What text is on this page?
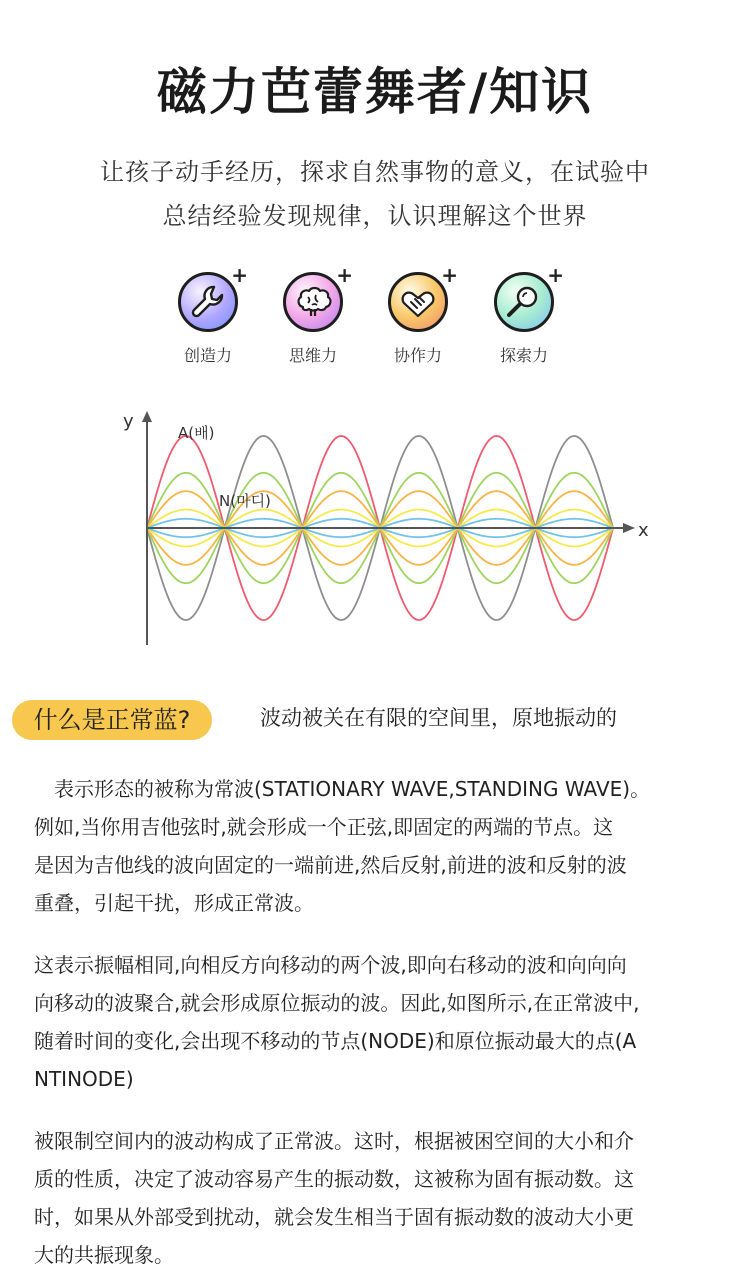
磁力芭蕾舞者/知识
让孩子动手经历，探求自然事物的意义，在试验中
总结经验发现规律，认识理解这个世界
+
创造力
+
思维力
+
协作力
+
探索力
y
x
A(배)
N(마디)
什么是正常蓝?	波动被关在有限的空间里，原地振动的
　表示形态的被称为常波(STATIONARY WAVE,STANDING WAVE)。
例如,当你用吉他弦时,就会形成一个正弦,即固定的两端的节点。这
是因为吉他线的波向固定的一端前进,然后反射,前进的波和反射的波
重叠，引起干扰，形成正常波。
这表示振幅相同,向相反方向移动的两个波,即向右移动的波和向向向
向移动的波聚合,就会形成原位振动的波。因此,如图所示,在正常波中,
随着时间的变化,会出现不移动的节点(NODE)和原位振动最大的点(A
NTINODE)
被限制空间内的波动构成了正常波。这时，根据被困空间的大小和介
质的性质，决定了波动容易产生的振动数，这被称为固有振动数。这
时，如果从外部受到扰动，就会发生相当于固有振动数的波动大小更
大的共振现象。
